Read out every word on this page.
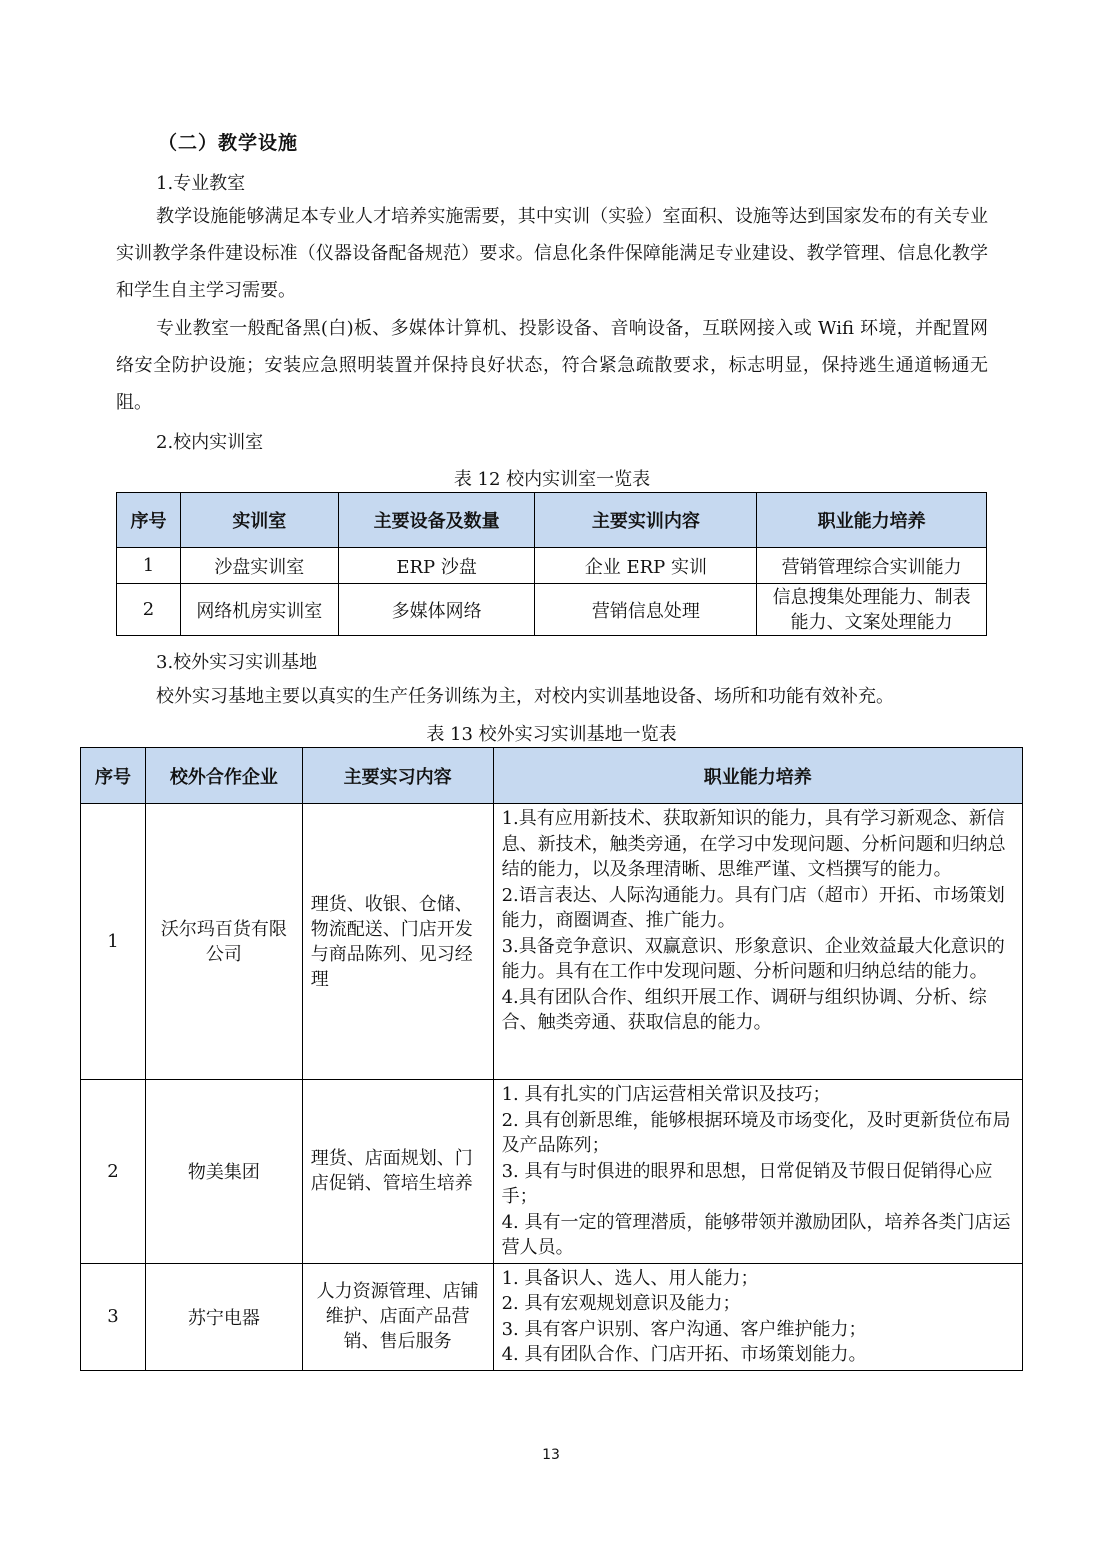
（二）教学设施
1.专业教室
教学设施能够满足本专业人才培养实施需要，其中实训（实验）室面积、设施等达到国家发布的有关专业实训教学条件建设标准（仪器设备配备规范）要求。信息化条件保障能满足专业建设、教学管理、信息化教学和学生自主学习需要。
专业教室一般配备黑(白)板、多媒体计算机、投影设备、音响设备，互联网接入或 Wifi 环境，并配置网络安全防护设施；安装应急照明装置并保持良好状态，符合紧急疏散要求，标志明显，保持逃生通道畅通无阻。
2.校内实训室
表 12 校内实训室一览表
序号	实训室	主要设备及数量	主要实训内容	职业能力培养
1	沙盘实训室	ERP 沙盘	企业 ERP 实训	营销管理综合实训能力
2	网络机房实训室	多媒体网络	营销信息处理	信息搜集处理能力、制表能力、文案处理能力
3.校外实习实训基地
校外实习基地主要以真实的生产任务训练为主，对校内实训基地设备、场所和功能有效补充。
表 13 校外实习实训基地一览表
序号	校外合作企业	主要实习内容	职业能力培养
1	沃尔玛百货有限公司	理货、收银、仓储、物流配送、门店开发与商品陈列、见习经理	1.具有应用新技术、获取新知识的能力，具有学习新观念、新信息、新技术，触类旁通，在学习中发现问题、分析问题和归纳总结的能力，以及条理清晰、思维严谨、文档撰写的能力。
2.语言表达、人际沟通能力。具有门店（超市）开拓、市场策划能力，商圈调查、推广能力。
3.具备竞争意识、双赢意识、形象意识、企业效益最大化意识的能力。具有在工作中发现问题、分析问题和归纳总结的能力。
4.具有团队合作、组织开展工作、调研与组织协调、分析、综合、触类旁通、获取信息的能力。

2	物美集团	理货、店面规划、门店促销、管培生培养	1. 具有扎实的门店运营相关常识及技巧；
2. 具有创新思维，能够根据环境及市场变化，及时更新货位布局及产品陈列；
3. 具有与时俱进的眼界和思想，日常促销及节假日促销得心应手；
4. 具有一定的管理潜质，能够带领并激励团队，培养各类门店运营人员。

3	苏宁电器	人力资源管理、店铺维护、店面产品营销、售后服务	1. 具备识人、选人、用人能力；
2. 具有宏观规划意识及能力；
3. 具有客户识别、客户沟通、客户维护能力；
4. 具有团队合作、门店开拓、市场策划能力。
13
